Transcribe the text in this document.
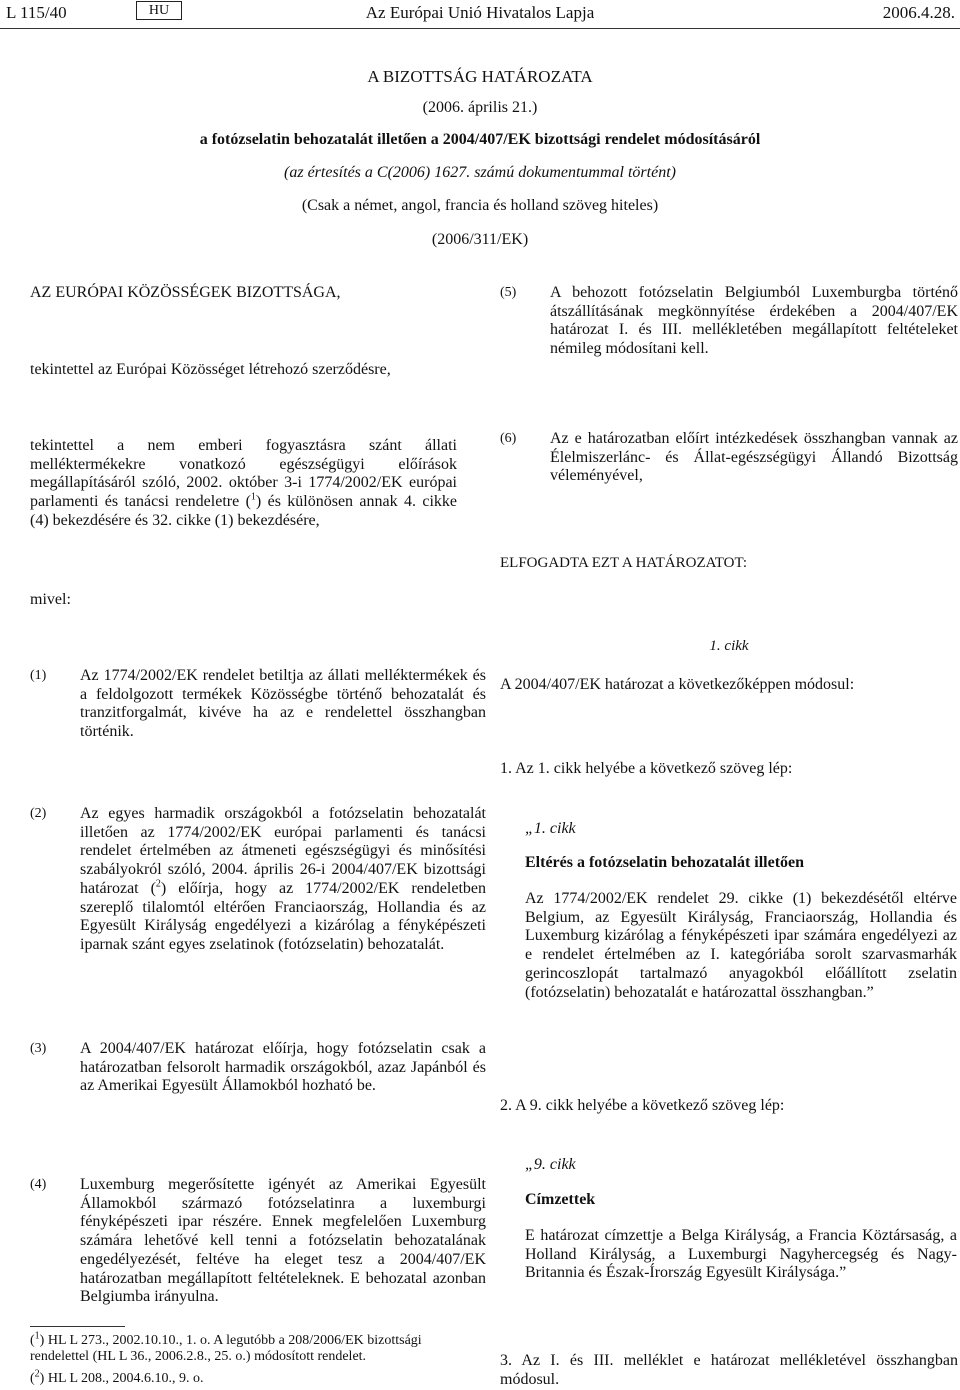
L 115/40	HU	Az Európai Unió Hivatalos Lapja	2006.4.28.
A BIZOTTSÁG HATÁROZATA
(2006. április 21.)
a fotózselatin behozatalát illetően a 2004/407/EK bizottsági rendelet módosításáról
(az értesítés a C(2006) 1627. számú dokumentummal történt)
(Csak a német, angol, francia és holland szöveg hiteles)
(2006/311/EK)
AZ EURÓPAI KÖZÖSSÉGEK BIZOTTSÁGA,
tekintettel az Európai Közösséget létrehozó szerződésre,
tekintettel a nem emberi fogyasztásra szánt állati melléktermékekre vonatkozó egészségügyi előírások megállapításáról szóló, 2002. október 3-i 1774/2002/EK európai parlamenti és tanácsi rendeletre ($^1$) és különösen annak 4. cikke (4) bekezdésére és 32. cikke (1) bekezdésére,
mivel:
(1) Az 1774/2002/EK rendelet betiltja az állati melléktermékek és a feldolgozott termékek Közösségbe történő behozatalát és tranzitforgalmát, kivéve ha az e rendelettel összhangban történik.
(2) Az egyes harmadik országokból a fotózselatin behozatalát illetően az 1774/2002/EK európai parlamenti és tanácsi rendelet értelmében az átmeneti egészségügyi és minősítési szabályokról szóló, 2004. április 26-i 2004/407/EK bizottsági határozat ($^2$) előírja, hogy az 1774/2002/EK rendeletben szereplő tilalomtól eltérően Franciaország, Hollandia és az Egyesült Királyság engedélyezi a kizárólag a fényképészeti iparnak szánt egyes zselatinok (fotózselatin) behozatalát.
(3) A 2004/407/EK határozat előírja, hogy fotózselatin csak a határozatban felsorolt harmadik országokból, azaz Japánból és az Amerikai Egyesült Államokból hozható be.
(4) Luxemburg megerősítette igényét az Amerikai Egyesült Államokból származó fotózselatinra a luxemburgi fényképészeti ipar részére. Ennek megfelelően Luxemburg számára lehetővé kell tenni a fotózselatin behozatalának engedélyezését, feltéve ha eleget tesz a 2004/407/EK határozatban megállapított feltételeknek. E behozatal azonban Belgiumba irányulna.
($^1$) HL L 273., 2002.10.10., 1. o. A legutóbb a 208/2006/EK bizottsági rendelettel (HL L 36., 2006.2.8., 25. o.) módosított rendelet.
($^2$) HL L 208., 2004.6.10., 9. o.
(5) A behozott fotózselatin Belgiumból Luxemburgba történő átszállításának megkönnyítése érdekében a 2004/407/EK határozat I. és III. mellékletében megállapított feltételeket némileg módosítani kell.
(6) Az e határozatban előírt intézkedések összhangban vannak az Élelmiszerlánc- és Állat-egészségügyi Állandó Bizottság véleményével,
ELFOGADTA EZT A HATÁROZATOT:
1. cikk
A 2004/407/EK határozat a következőképpen módosul:
1. Az 1. cikk helyébe a következő szöveg lép:
„1. cikk
Eltérés a fotózselatin behozatalát illetően
Az 1774/2002/EK rendelet 29. cikke (1) bekezdésétől eltérve Belgium, az Egyesült Királyság, Franciaország, Hollandia és Luxemburg kizárólag a fényképészeti ipar számára engedélyezi az e rendelet értelmében az I. kategóriába sorolt szarvasmarhák gerincoszlopát tartalmazó anyagokból előállított zselatin (fotózselatin) behozatalát e határozattal összhangban.”
2. A 9. cikk helyébe a következő szöveg lép:
„9. cikk
Címzettek
E határozat címzettje a Belga Királyság, a Francia Köztársaság, a Holland Királyság, a Luxemburgi Nagyhercegség és Nagy-Britannia és Észak-Írország Egyesült Királysága.”
3. Az I. és III. melléklet e határozat mellékletével összhangban módosul.
